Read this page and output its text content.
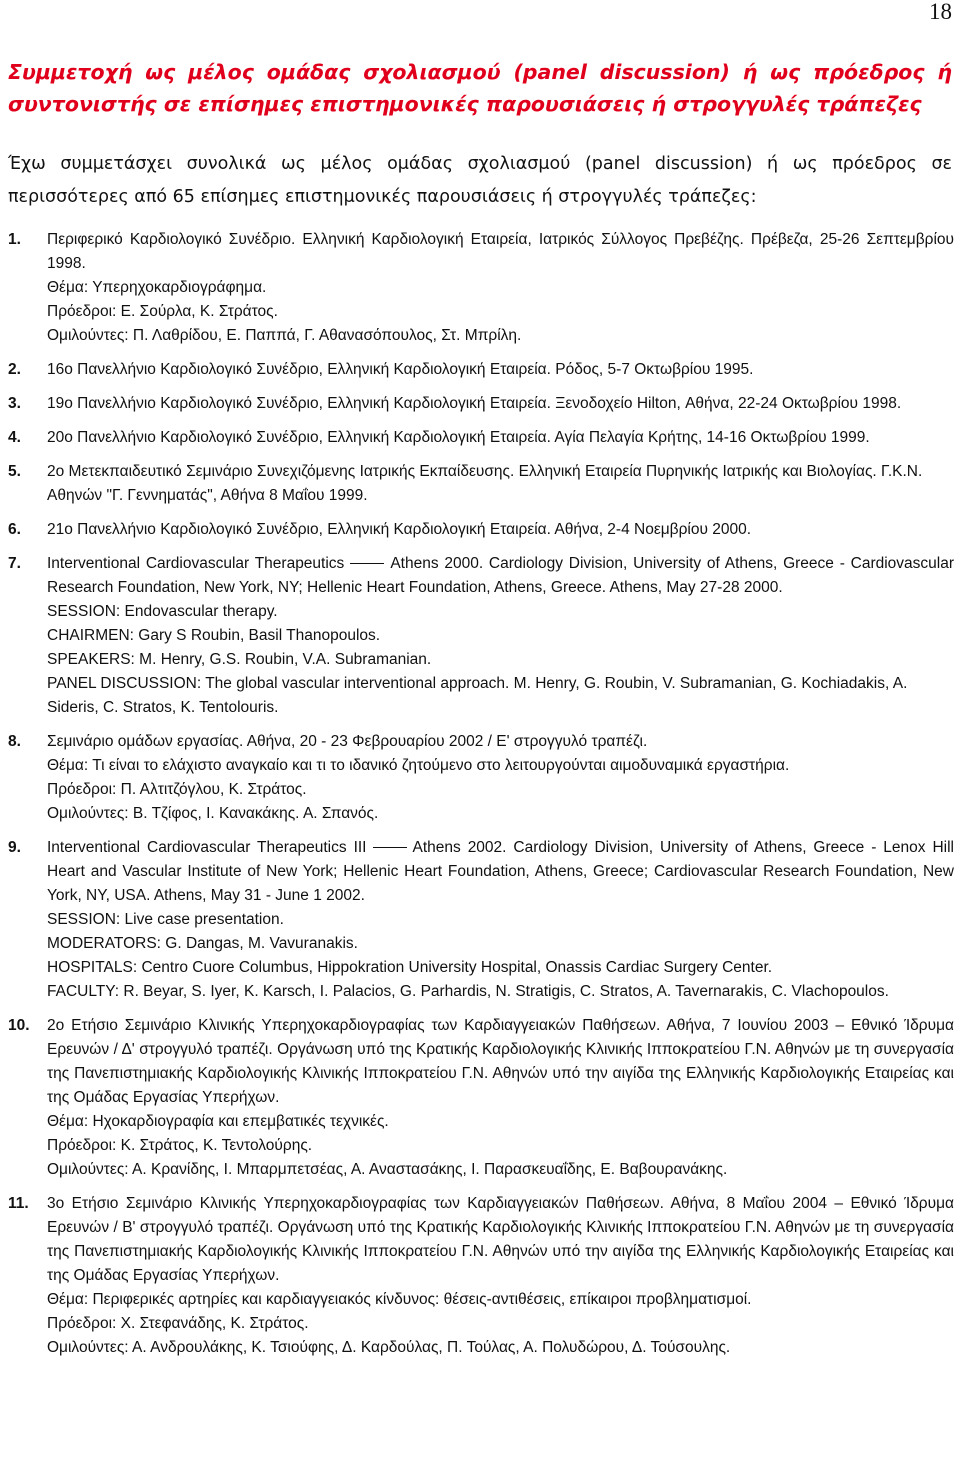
18
Συμμετοχή ως μέλος ομάδας σχολιασμού (panel discussion) ή ως πρόεδρος ή συντονιστής σε επίσημες επιστημονικές παρουσιάσεις ή στρογγυλές τράπεζες

Έχω συμμετάσχει συνολικά ως μέλος ομάδας σχολιασμού (panel discussion) ή ως πρόεδρος σε περισσότερες από 65 επίσημες επιστημονικές παρουσιάσεις ή στρογγυλές τράπεζες:

1. Περιφερικό Καρδιολογικό Συνέδριο. Ελληνική Καρδιολογική Εταιρεία, Ιατρικός Σύλλογος Πρεβέζης. Πρέβεζα, 25-26 Σεπτεμβρίου 1998.
Θέμα: Υπερηχοκαρδιογράφημα.
Πρόεδροι: Ε. Σούρλα, Κ. Στράτος.
Ομιλούντες: Π. Λαθρίδου, Ε. Παππά, Γ. Αθανασόπουλος, Στ. Μπρίλη.
2. 16ο Πανελλήνιο Καρδιολογικό Συνέδριο, Ελληνική Καρδιολογική Εταιρεία. Ρόδος, 5-7 Οκτωβρίου 1995.
3. 19ο Πανελλήνιο Καρδιολογικό Συνέδριο, Ελληνική Καρδιολογική Εταιρεία. Ξενοδοχείο Hilton, Αθήνα, 22-24 Οκτωβρίου 1998.
4. 20ο Πανελλήνιο Καρδιολογικό Συνέδριο, Ελληνική Καρδιολογική Εταιρεία. Αγία Πελαγία Κρήτης, 14-16 Οκτωβρίου 1999.
5. 2ο Μετεκπαιδευτικό Σεμινάριο Συνεχιζόμενης Ιατρικής Εκπαίδευσης. Ελληνική Εταιρεία Πυρηνικής Ιατρικής και Βιολογίας. Γ.Κ.Ν. Αθηνών "Γ. Γεννηματάς", Αθήνα 8 Μαΐου 1999.
6. 21ο Πανελλήνιο Καρδιολογικό Συνέδριο, Ελληνική Καρδιολογική Εταιρεία. Αθήνα, 2-4 Νοεμβρίου 2000.
7. Interventional Cardiovascular Therapeutics	Athens 2000. Cardiology Division, University of Athens, Greece - Cardiovascular Research Foundation, New York, NY; Hellenic Heart Foundation, Athens, Greece. Athens, May 27-28 2000.
SESSION: Endovascular therapy.
CHAIRMEN: Gary S Roubin, Basil Thanopoulos.
SPEAKERS: M. Henry, G.S. Roubin, V.A. Subramanian.
PANEL DISCUSSION: The global vascular interventional approach. M. Henry, G. Roubin, V. Subramanian, G. Kochiadakis, A. Sideris, C. Stratos, K. Tentolouris.
8. Σεμινάριο ομάδων εργασίας. Αθήνα, 20 - 23 Φεβρουαρίου 2002 / Ε' στρογγυλό τραπέζι.
Θέμα: Τι είναι το ελάχιστο αναγκαίο και τι το ιδανικό ζητούμενο στο λειτουργούνται αιμοδυναμικά εργαστήρια.
Πρόεδροι: Π. Αλτιτζόγλου, Κ. Στράτος.
Ομιλούντες: Β. Τζίφος, Ι. Κανακάκης. Α. Σπανός.
9. Interventional Cardiovascular Therapeutics III	Athens 2002. Cardiology Division, University of Athens, Greece - Lenox Hill Heart and Vascular Institute of New York; Hellenic Heart Foundation, Athens, Greece; Cardiovascular Research Foundation, New York, NY, USA. Athens, May 31 - June 1 2002.
SESSION: Live case presentation.
MODERATORS: G. Dangas, M. Vavuranakis.
HOSPITALS: Centro Cuore Columbus, Hippokration University Hospital, Onassis Cardiac Surgery Center.
FACULTY: R. Beyar, S. Iyer, K. Karsch, I. Palacios, G. Parhardis, N. Stratigis, C. Stratos, A. Tavernarakis, C. Vlachopoulos.
10. 2ο Ετήσιο Σεμινάριο Κλινικής Υπερηχοκαρδιογραφίας των Καρδιαγγειακών Παθήσεων. Αθήνα, 7 Ιουνίου 2003 – Εθνικό Ίδρυμα Ερευνών / Δ' στρογγυλό τραπέζι. Οργάνωση υπό της Κρατικής Καρδιολογικής Κλινικής Ιπποκρατείου Γ.Ν. Αθηνών με τη συνεργασία της Πανεπιστημιακής Καρδιολογικής Κλινικής Ιπποκρατείου Γ.Ν. Αθηνών υπό την αιγίδα της Ελληνικής Καρδιολογικής Εταιρείας και της Ομάδας Εργασίας Υπερήχων.
Θέμα: Ηχοκαρδιογραφία και επεμβατικές τεχνικές.
Πρόεδροι: Κ. Στράτος, Κ. Τεντολούρης.
Ομιλούντες: Α. Κρανίδης, Ι. Μπαρμπετσέας, Α. Αναστασάκης, Ι. Παρασκευαΐδης, Ε. Βαβουρανάκης.
11. 3ο Ετήσιο Σεμινάριο Κλινικής Υπερηχοκαρδιογραφίας των Καρδιαγγειακών Παθήσεων. Αθήνα, 8 Μαΐου 2004 – Εθνικό Ίδρυμα Ερευνών / Β' στρογγυλό τραπέζι. Οργάνωση υπό της Κρατικής Καρδιολογικής Κλινικής Ιπποκρατείου Γ.Ν. Αθηνών με τη συνεργασία της Πανεπιστημιακής Καρδιολογικής Κλινικής Ιπποκρατείου Γ.Ν. Αθηνών υπό την αιγίδα της Ελληνικής Καρδιολογικής Εταιρείας και της Ομάδας Εργασίας Υπερήχων.
Θέμα: Περιφερικές αρτηρίες και καρδιαγγειακός κίνδυνος: θέσεις-αντιθέσεις, επίκαιροι προβληματισμοί.
Πρόεδροι: Χ. Στεφανάδης, Κ. Στράτος.
Ομιλούντες: Α. Ανδρουλάκης, Κ. Τσιούφης, Δ. Καρδούλας, Π. Τούλας, Α. Πολυδώρου, Δ. Τούσουλης.
